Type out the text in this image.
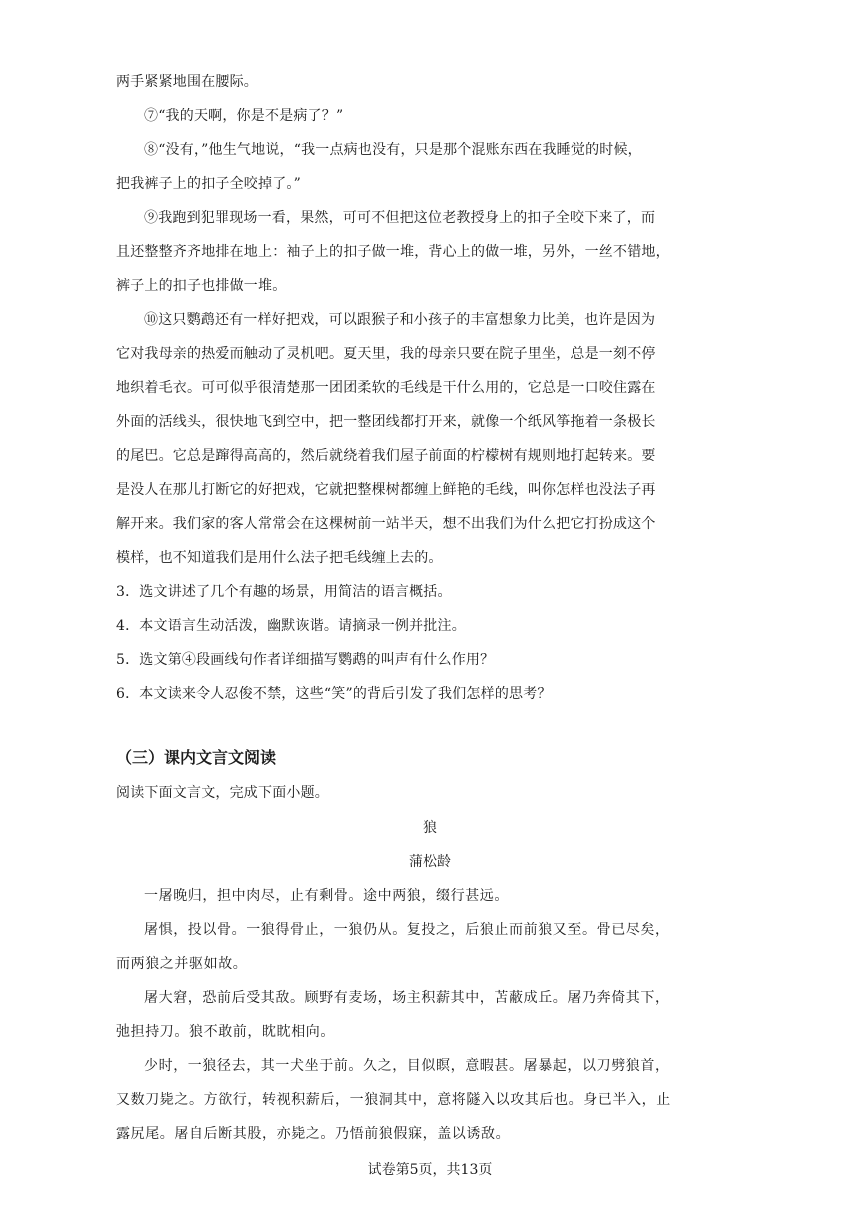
两手紧紧地围在腰际。
⑦“我的天啊，你是不是病了？”
⑧“没有，”他生气地说，“我一点病也没有，只是那个混账东西在我睡觉的时候，
把我裤子上的扣子全咬掉了。”
⑨我跑到犯罪现场一看，果然，可可不但把这位老教授身上的扣子全咬下来了，而
且还整整齐齐地排在地上：袖子上的扣子做一堆，背心上的做一堆，另外，一丝不错地，
裤子上的扣子也排做一堆。
⑩这只鹦鹉还有一样好把戏，可以跟猴子和小孩子的丰富想象力比美，也许是因为
它对我母亲的热爱而触动了灵机吧。夏天里，我的母亲只要在院子里坐，总是一刻不停
地织着毛衣。可可似乎很清楚那一团团柔软的毛线是干什么用的，它总是一口咬住露在
外面的活线头，很快地飞到空中，把一整团线都打开来，就像一个纸风筝拖着一条极长
的尾巴。它总是蹿得高高的，然后就绕着我们屋子前面的柠檬树有规则地打起转来。要
是没人在那儿打断它的好把戏，它就把整棵树都缠上鲜艳的毛线，叫你怎样也没法子再
解开来。我们家的客人常常会在这棵树前一站半天，想不出我们为什么把它打扮成这个
模样，也不知道我们是用什么法子把毛线缠上去的。
3．选文讲述了几个有趣的场景，用简洁的语言概括。
4．本文语言生动活泼，幽默诙谐。请摘录一例并批注。
5．选文第④段画线句作者详细描写鹦鹉的叫声有什么作用？
6．本文读来令人忍俊不禁，这些“笑”的背后引发了我们怎样的思考？
（三）课内文言文阅读
阅读下面文言文，完成下面小题。
狼
蒲松龄
一屠晚归，担中肉尽，止有剩骨。途中两狼，缀行甚远。
屠惧，投以骨。一狼得骨止，一狼仍从。复投之，后狼止而前狼又至。骨已尽矣，
而两狼之并驱如故。
屠大窘，恐前后受其敌。顾野有麦场，场主积薪其中，苫蔽成丘。屠乃奔倚其下，
弛担持刀。狼不敢前，眈眈相向。
少时，一狼径去，其一犬坐于前。久之，目似瞑，意暇甚。屠暴起，以刀劈狼首，
又数刀毙之。方欲行，转视积薪后，一狼洞其中，意将隧入以攻其后也。身已半入，止
露尻尾。屠自后断其股，亦毙之。乃悟前狼假寐，盖以诱敌。
试卷第5页，共13页
